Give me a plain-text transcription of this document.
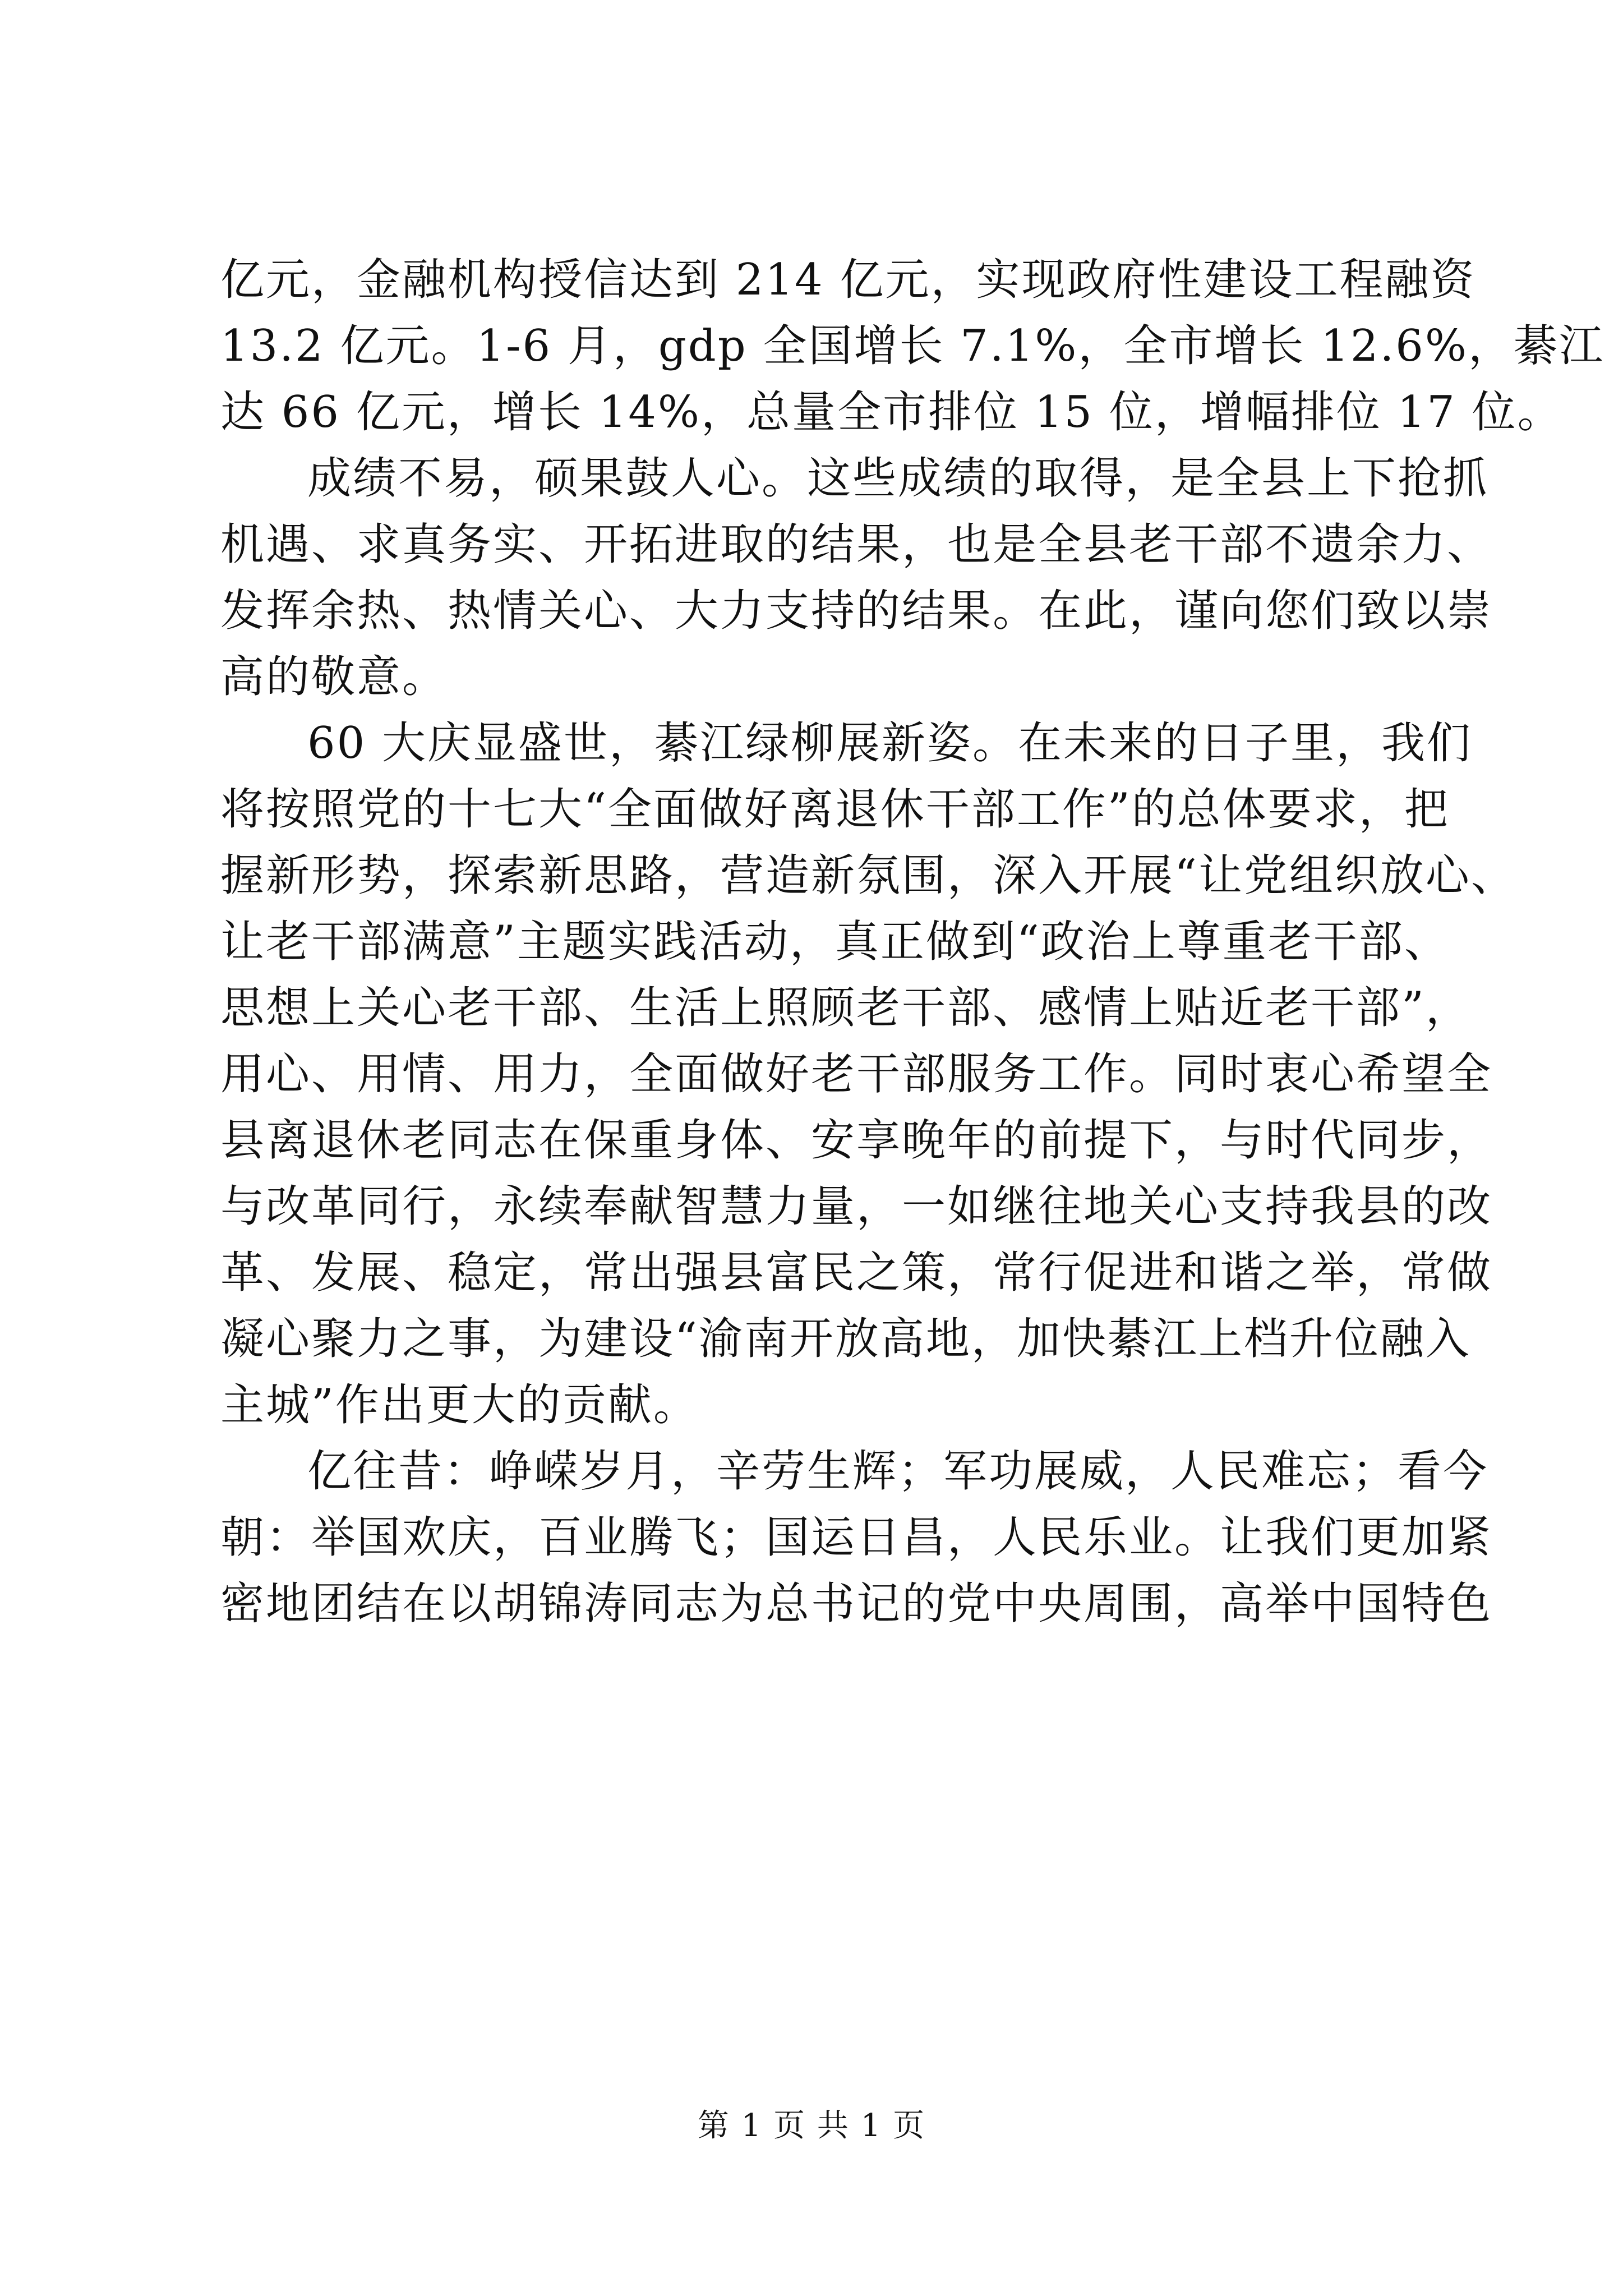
亿元，金融机构授信达到 214 亿元，实现政府性建设工程融资
13.2 亿元。1-6 月，gdp 全国增长 7.1%，全市增长 12.6%，綦江
达 66 亿元，增长 14%，总量全市排位 15 位，增幅排位 17 位。
成绩不易，硕果鼓人心。这些成绩的取得，是全县上下抢抓
机遇、求真务实、开拓进取的结果，也是全县老干部不遗余力、
发挥余热、热情关心、大力支持的结果。在此，谨向您们致以崇
高的敬意。
60 大庆显盛世，綦江绿柳展新姿。在未来的日子里，我们
将按照党的十七大“全面做好离退休干部工作”的总体要求，把
握新形势，探索新思路，营造新氛围，深入开展“让党组织放心、
让老干部满意”主题实践活动，真正做到“政治上尊重老干部、
思想上关心老干部、生活上照顾老干部、感情上贴近老干部”，
用心、用情、用力，全面做好老干部服务工作。同时衷心希望全
县离退休老同志在保重身体、安享晚年的前提下，与时代同步，
与改革同行，永续奉献智慧力量，一如继往地关心支持我县的改
革、发展、稳定，常出强县富民之策，常行促进和谐之举，常做
凝心聚力之事，为建设“渝南开放高地，加快綦江上档升位融入
主城”作出更大的贡献。
亿往昔：峥嵘岁月，辛劳生辉；军功展威，人民难忘；看今
朝：举国欢庆，百业腾飞；国运日昌，人民乐业。让我们更加紧
密地团结在以胡锦涛同志为总书记的党中央周围，高举中国特色
第 1 页 共 1 页
